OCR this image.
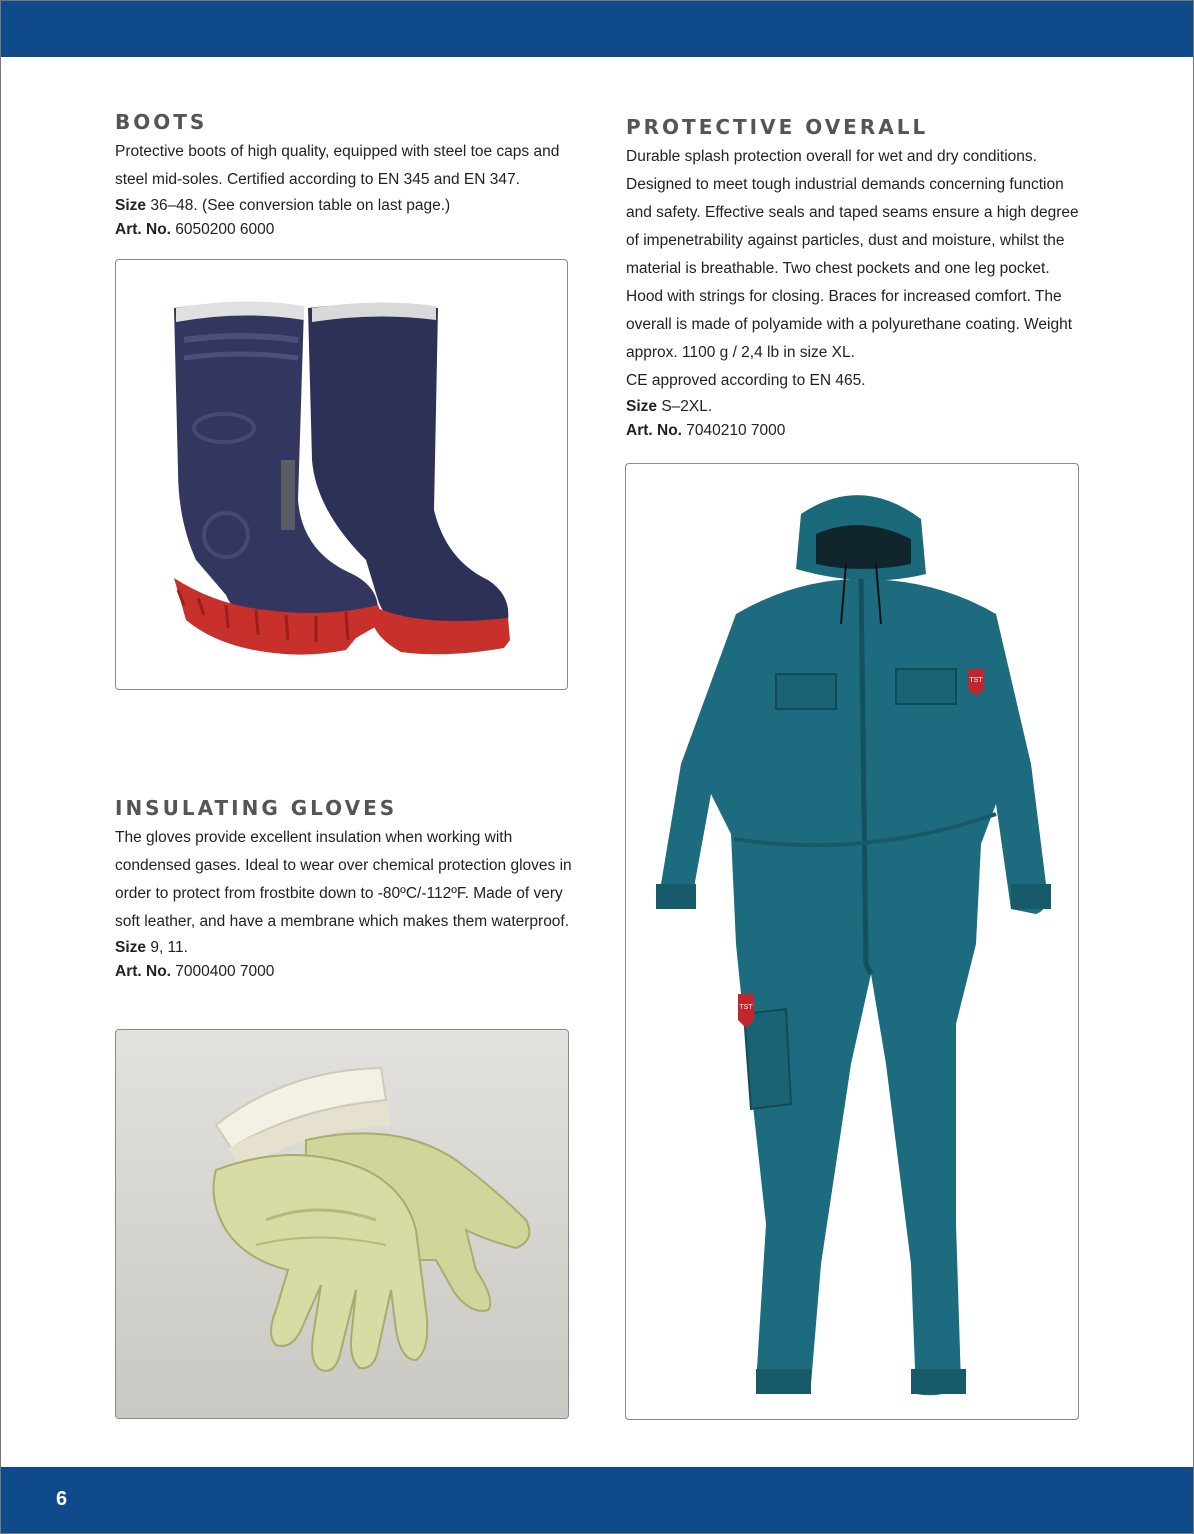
BOOTS
Protective boots of high quality, equipped with steel toe caps and steel mid-soles. Certified according to EN 345 and EN 347.
Size 36–48. (See conversion table on last page.)
Art. No. 6050200 6000
INSULATING GLOVES
The gloves provide excellent insulation when working with condensed gases. Ideal to wear over chemical protection gloves in order to protect from frostbite down to -80ºC/-112ºF. Made of very soft leather, and have a membrane which makes them waterproof.
Size 9, 11.
Art. No. 7000400 7000
PROTECTIVE OVERALL
Durable splash protection overall for wet and dry conditions. Designed to meet tough industrial demands concerning function and safety. Effective seals and taped seams ensure a high degree of impenetrability against particles, dust and moisture, whilst the material is breathable. Two chest pockets and one leg pocket. Hood with strings for closing. Braces for increased comfort. The overall is made of polyamide with a polyurethane coating. Weight approx. 1100 g / 2,4 lb in size XL.
CE approved according to EN 465.
Size S–2XL.
Art. No. 7040210 7000
TST
TST
6
